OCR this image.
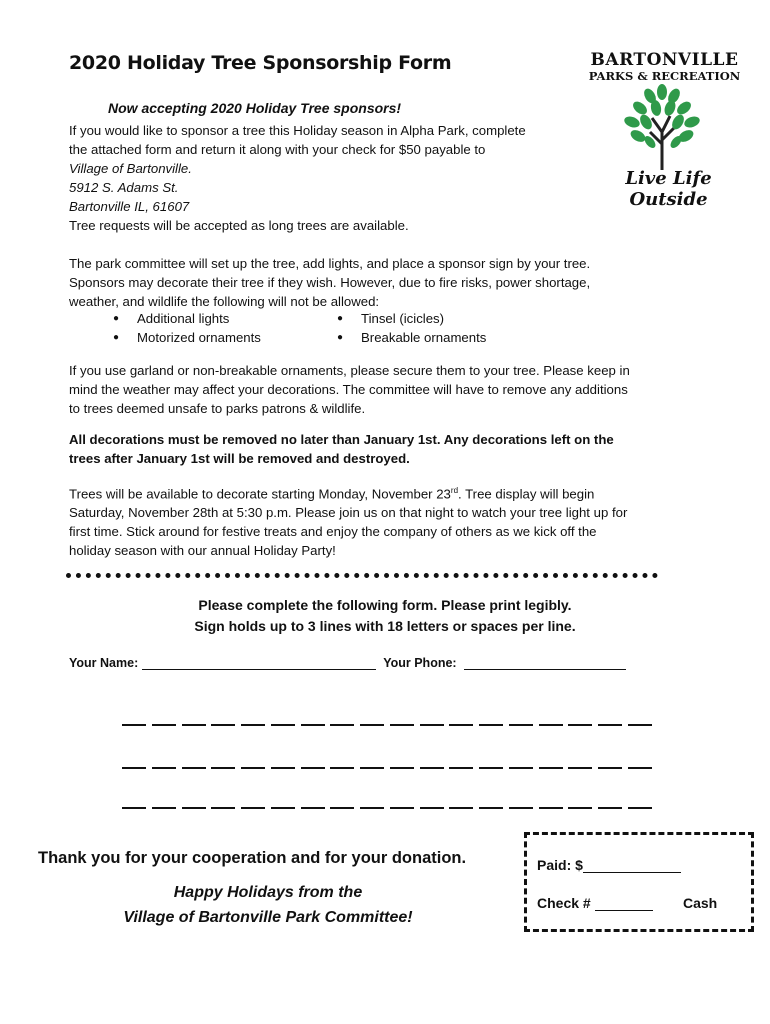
2020 Holiday Tree Sponsorship Form	BARTONVILLE
PARKS & RECREATION
Live Life Outside
Now accepting 2020 Holiday Tree sponsors!
If you would like to sponsor a tree this Holiday season in Alpha Park, complete
the attached form and return it along with your check for $50 payable to
Village of Bartonville.
5912 S. Adams St.
Bartonville IL, 61607
Tree requests will be accepted as long trees are available.
The park committee will set up the tree, add lights, and place a sponsor sign by your tree.
Sponsors may decorate their tree if they wish. However, due to fire risks, power shortage,
weather, and wildlife the following will not be allowed:
● Additional lights	● Tinsel (icicles)
● Motorized ornaments	● Breakable ornaments
If you use garland or non-breakable ornaments, please secure them to your tree. Please keep in
mind the weather may affect your decorations. The committee will have to remove any additions
to trees deemed unsafe to parks patrons & wildlife.
All decorations must be removed no later than January 1st. Any decorations left on the
trees after January 1st will be removed and destroyed.
Trees will be available to decorate starting Monday, November 23rd. Tree display will begin
Saturday, November 28th at 5:30 p.m. Please join us on that night to watch your tree light up for
first time. Stick around for festive treats and enjoy the company of others as we kick off the
holiday season with our annual Holiday Party!
Please complete the following form. Please print legibly.
Sign holds up to 3 lines with 18 letters or spaces per line.
Your Name:	Your Phone:
Thank you for your cooperation and for your donation.
Happy Holidays from the
Village of Bartonville Park Committee!
Paid: $
Check #	Cash
